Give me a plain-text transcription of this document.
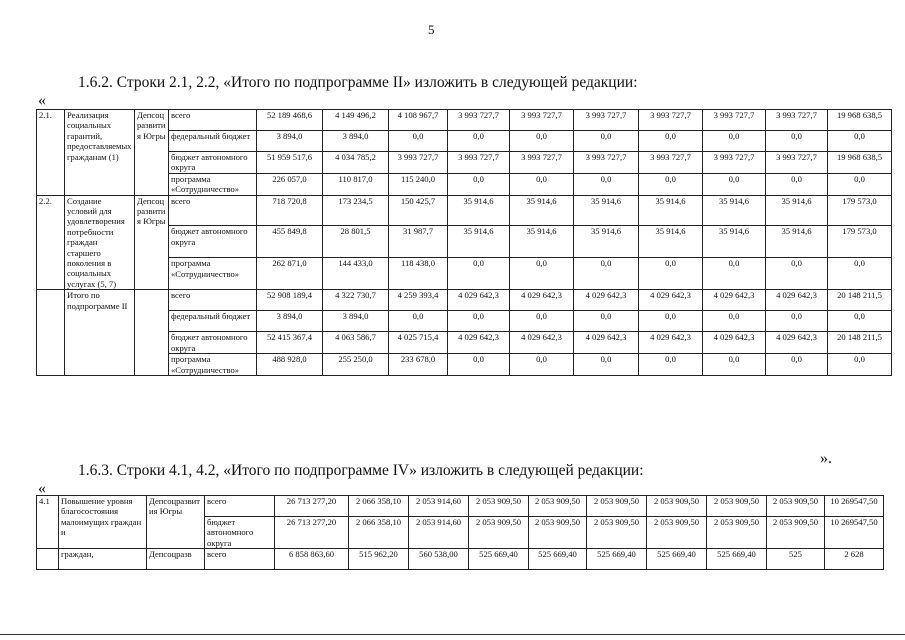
5
1.6.2. Строки 2.1, 2.2, «Итого по подпрограмме II» изложить в следующей редакции:
«
2.1.	Реализация социальных гарантий, предоставляемых гражданам (1)	Депсоцразвития Югры	всего	52 189 468,6	4 149 496,2	4 108 967,7	3 993 727,7	3 993 727,7	3 993 727,7	3 993 727,7	3 993 727,7	3 993 727,7	19 968 638,5
			федеральный бюджет	3 894,0	3 894,0	0,0	0,0	0,0	0,0	0,0	0,0	0,0	0,0
			бюджет автономного округа	51 959 517,6	4 034 785,2	3 993 727,7	3 993 727,7	3 993 727,7	3 993 727,7	3 993 727,7	3 993 727,7	3 993 727,7	19 968 638,5
			программа «Сотрудничество»	226 057,0	110 817,0	115 240,0	0,0	0,0	0,0	0,0	0,0	0,0	0,0
2.2.	Создание условий для удовлетворения потребности граждан старшего поколения в социальных услугах (5, 7)	Депсоцразвития Югры	всего	718 720,8	173 234,5	150 425,7	35 914,6	35 914,6	35 914,6	35 914,6	35 914,6	35 914,6	179 573,0
			бюджет автономного округа	455 849,8	28 801,5	31 987,7	35 914,6	35 914,6	35 914,6	35 914,6	35 914,6	35 914,6	179 573,0
			программа «Сотрудничество»	262 871,0	144 433,0	118 438,0	0,0	0,0	0,0	0,0	0,0	0,0	0,0
	Итого по подпрограмме II		всего	52 908 189,4	4 322 730,7	4 259 393,4	4 029 642,3	4 029 642,3	4 029 642,3	4 029 642,3	4 029 642,3	4 029 642,3	20 148 211,5
			федеральный бюджет	3 894,0	3 894,0	0,0	0,0	0,0	0,0	0,0	0,0	0,0	0,0
			бюджет автономного округа	52 415 367,4	4 063 586,7	4 025 715,4	4 029 642,3	4 029 642,3	4 029 642,3	4 029 642,3	4 029 642,3	4 029 642,3	20 148 211,5
			программа «Сотрудничество»	488 928,0	255 250,0	233 678,0	0,0	0,0	0,0	0,0	0,0	0,0	0,0
».
1.6.3. Строки 4.1, 4.2, «Итого по подпрограмме IV» изложить в следующей редакции:
«
4.1	Повышение уровня благосостояния малоимущих граждан и	Депсоцразвития Югры	всего	26 713 277,20	2 066 358,10	2 053 914,60	2 053 909,50	2 053 909,50	2 053 909,50	2 053 909,50	2 053 909,50	2 053 909,50	10 269547,50
			бюджет автономного округа	26 713 277,20	2 066 358,10	2 053 914,60	2 053 909,50	2 053 909,50	2 053 909,50	2 053 909,50	2 053 909,50	2 053 909,50	10 269547,50
	граждан,	Депсоцразв	всего	6 858 863,60	515 962,20	560 538,00	525 669,40	525 669,40	525 669,40	525 669,40	525 669,40	525	2 628
